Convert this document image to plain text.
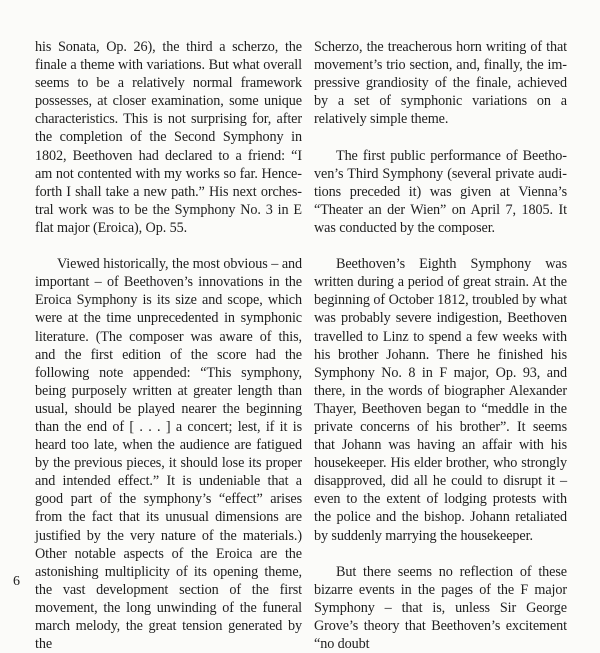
his Sonata, Op. 26), the third a scherzo, the finale a theme with variations. But what overall seems to be a relatively normal framework possesses, at closer examination, some unique characteristics. This is not surprising for, after the completion of the Second Symphony in 1802, Beethoven had declared to a friend: “I am not contented with my works so far. Henceforth I shall take a new path.” His next orchestral work was to be the Symphony No. 3 in E flat major (Eroica), Op. 55.

Viewed historically, the most obvious – and important – of Beethoven’s innovations in the Eroica Symphony is its size and scope, which were at the time unprecedented in symphonic literature. (The composer was aware of this, and the first edition of the score had the following note appended: “This symphony, being purposely written at greater length than usual, should be played nearer the beginning than the end of [ . . . ] a concert; lest, if it is heard too late, when the audience are fatigued by the previous pieces, it should lose its proper and intended effect.” It is undeniable that a good part of the symphony’s “effect” arises from the fact that its unusual dimensions are justified by the very nature of the materials.) Other notable aspects of the Eroica are the astonishing multiplicity of its opening theme, the vast development section of the first movement, the long unwinding of the funeral march melody, the great tension generated by the

Scherzo, the treacherous horn writing of that movement’s trio section, and, finally, the impressive grandiosity of the finale, achieved by a set of symphonic variations on a relatively simple theme.

The first public performance of Beethoven’s Third Symphony (several private auditions preceded it) was given at Vienna’s “Theater an der Wien” on April 7, 1805. It was conducted by the composer.

Beethoven’s Eighth Symphony was written during a period of great strain. At the beginning of October 1812, troubled by what was probably severe indigestion, Beethoven travelled to Linz to spend a few weeks with his brother Johann. There he finished his Symphony No. 8 in F major, Op. 93, and there, in the words of biographer Alexander Thayer, Beethoven began to “meddle in the private concerns of his brother”. It seems that Johann was having an affair with his housekeeper. His elder brother, who strongly disapproved, did all he could to disrupt it – even to the extent of lodging protests with the police and the bishop. Johann retaliated by suddenly marrying the housekeeper.

But there seems no reflection of these bizarre events in the pages of the F major Symphony – that is, unless Sir George Grove’s theory that Beethoven’s excitement “no doubt

6
